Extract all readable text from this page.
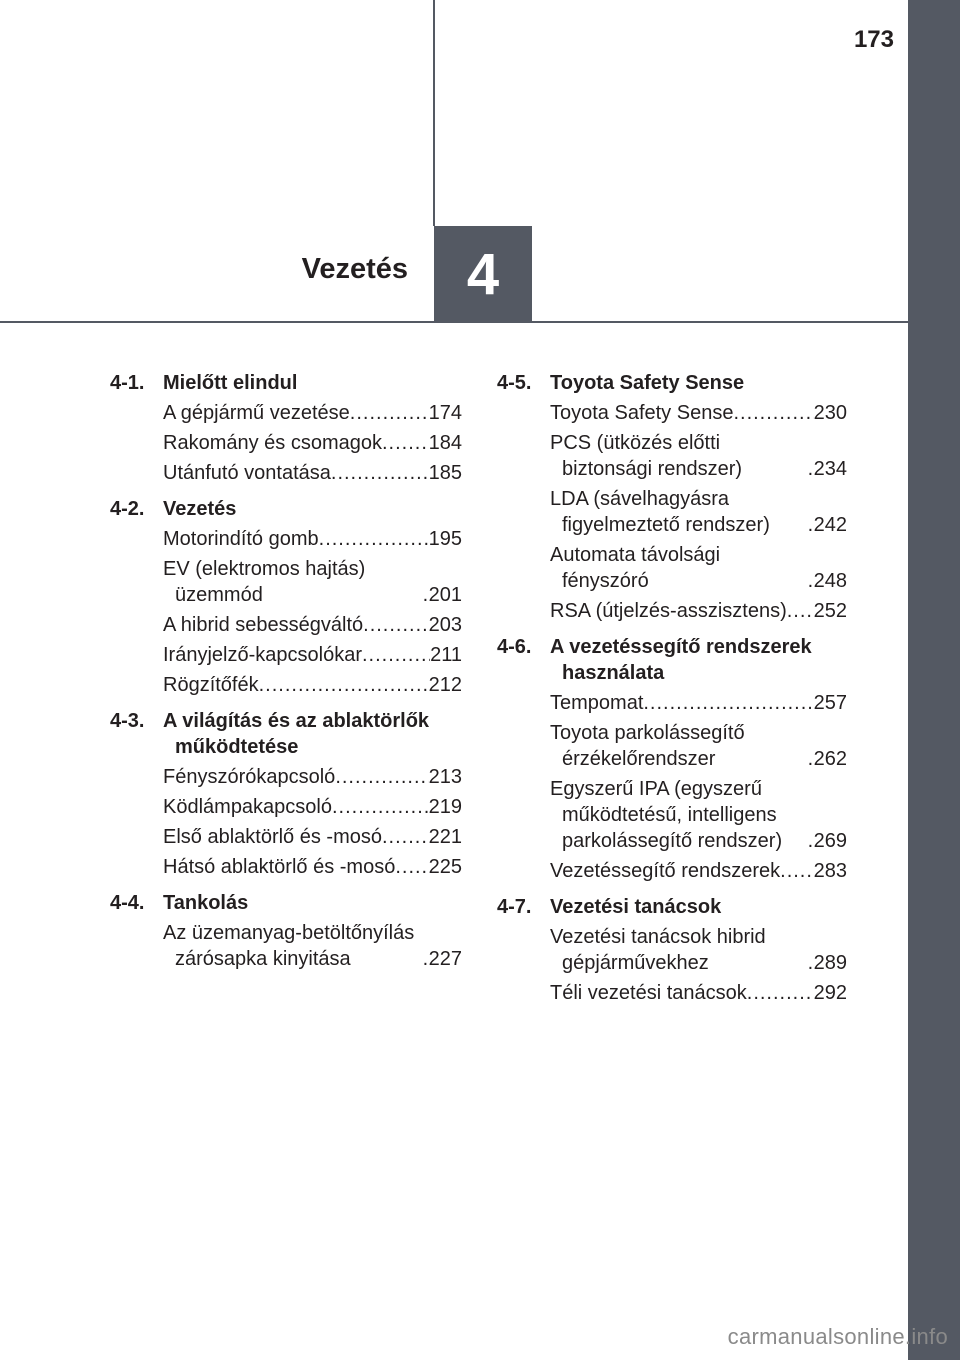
173
Vezetés 4
4-1. Mielőtt elindul
A gépjármű vezetése .....	174
Rakomány és csomagok ..... 184
Utánfutó vontatása .....	185
4-2. Vezetés
Motorindító gomb .....	195
EV (elektromos hajtás) üzemmód .....	201
A hibrid sebességváltó .....	203
Irányjelző-kapcsolókar .....	211
Rögzítőfék .....	212
4-3. A világítás és az ablaktörlők működtetése
Fényszórókapcsoló .....	213
Ködlámpakapcsoló .....	219
Első ablaktörlő és -mosó ..... 221
Hátsó ablaktörlő és -mosó ..... 225
4-4. Tankolás
Az üzemanyag-betöltőnyílás zárósapka kinyitása .....	227
4-5. Toyota Safety Sense
Toyota Safety Sense .....	230
PCS (ütközés előtti biztonsági rendszer) .....	234
LDA (sávelhagyásra figyelmeztető rendszer) .....	242
Automata távolsági fényszóró .....	248
RSA (útjelzés-asszisztens) ..... 252
4-6. A vezetéssegítő rendszerek használata
Tempomat .....	257
Toyota parkolássegítő érzékelőrendszer .....	262
Egyszerű IPA (egyszerű működtetésű, intelligens parkolássegítő rendszer) .....	269
Vezetéssegítő rendszerek ..... 283
4-7. Vezetési tanácsok
Vezetési tanácsok hibrid gépjárművekhez .....	289
Téli vezetési tanácsok .....	292
carmanualsonline.info
